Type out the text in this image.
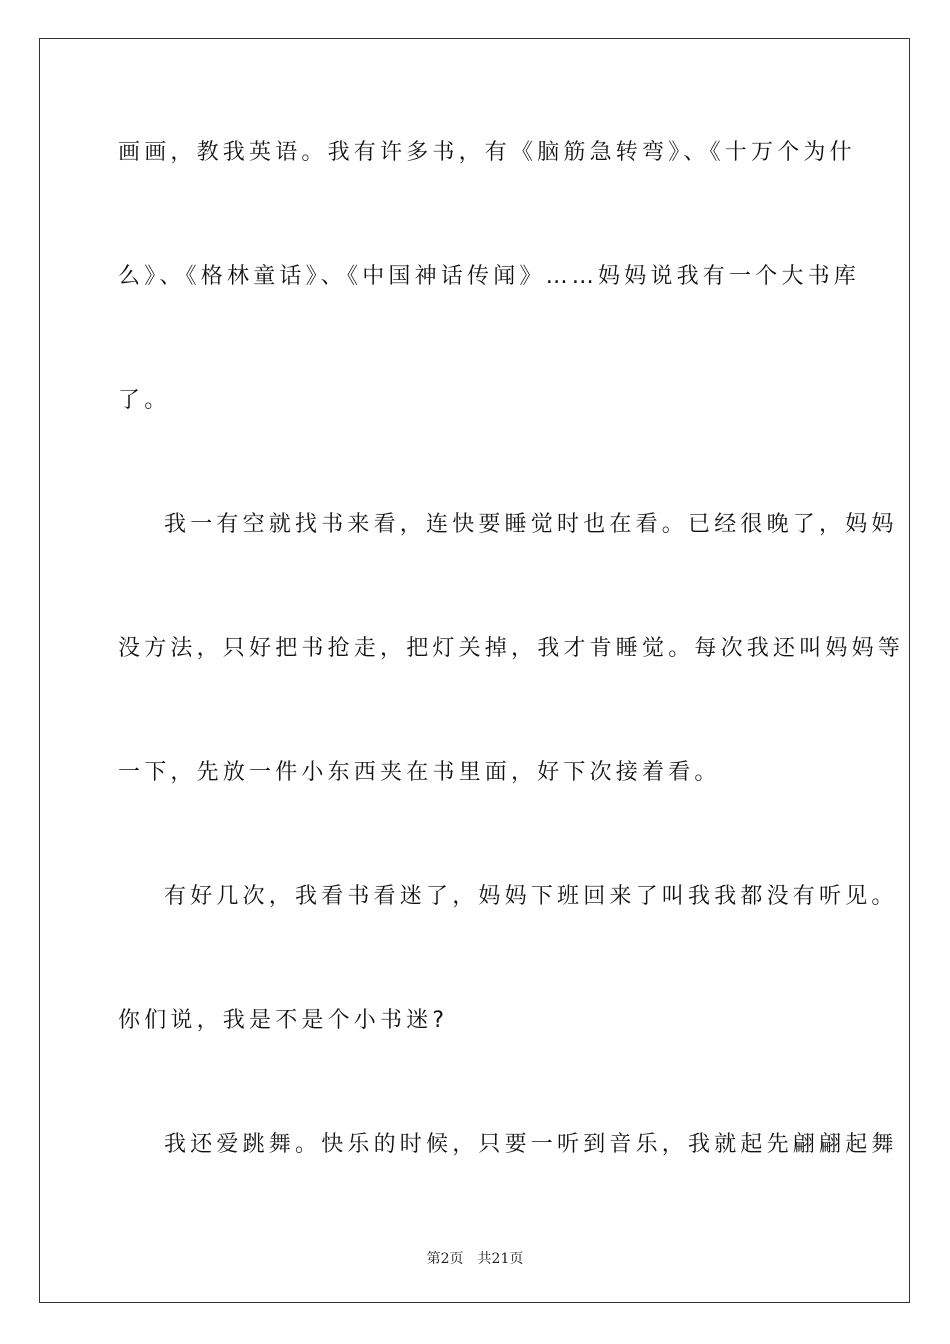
画画，教我英语。我有许多书，有《脑筋急转弯》、《十万个为什
么》、《格林童话》、《中国神话传闻》……妈妈说我有一个大书库
了。
我一有空就找书来看，连快要睡觉时也在看。已经很晚了，妈妈
没方法，只好把书抢走，把灯关掉，我才肯睡觉。每次我还叫妈妈等
一下，先放一件小东西夹在书里面，好下次接着看。
有好几次，我看书看迷了，妈妈下班回来了叫我我都没有听见。
你们说，我是不是个小书迷?
我还爱跳舞。快乐的时候，只要一听到音乐，我就起先翩翩起舞
第2页 共21页
